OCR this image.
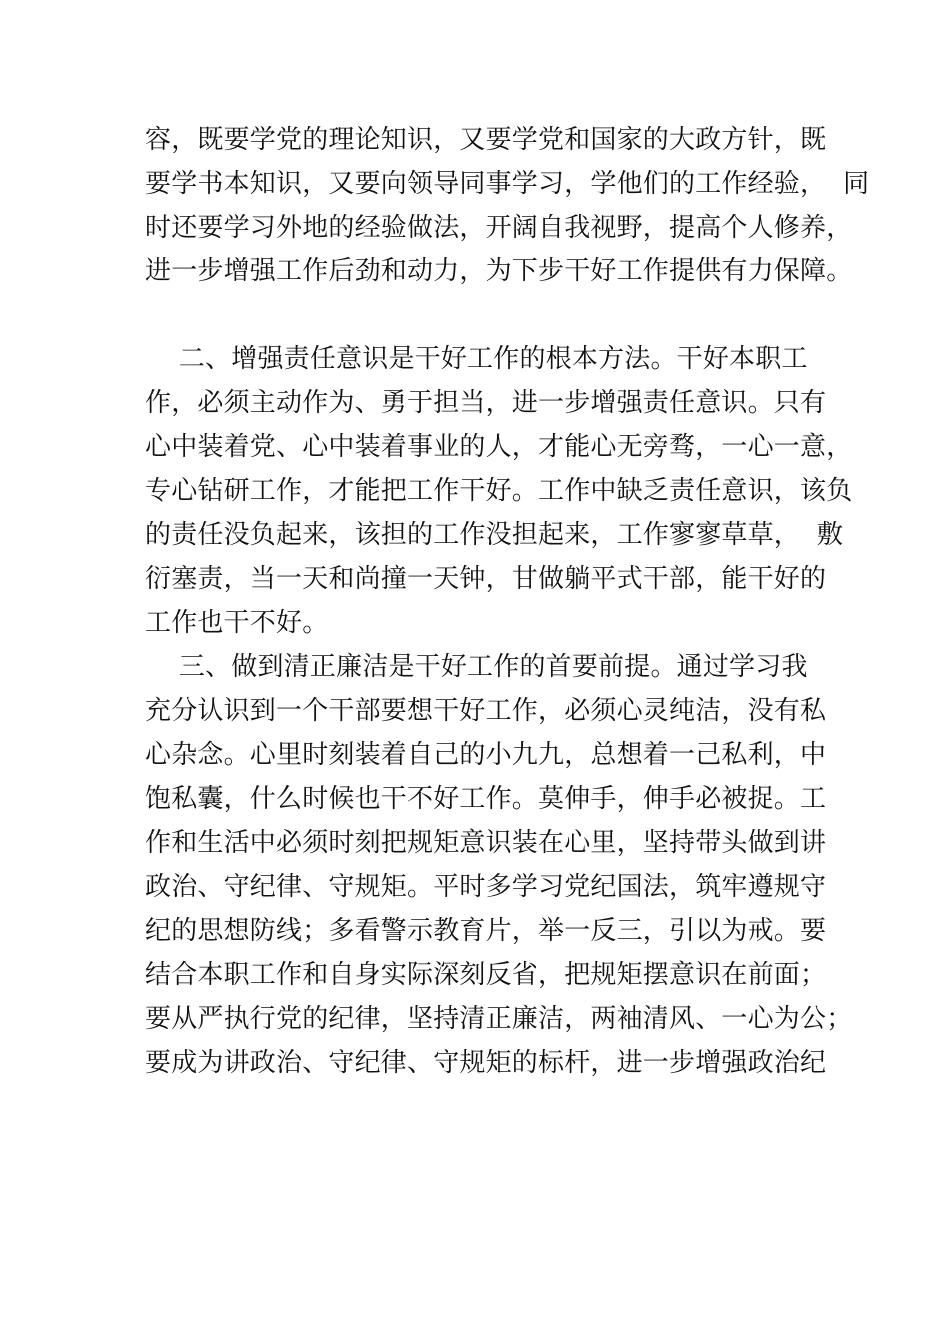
容，既要学党的理论知识，又要学党和国家的大政方针，既
要学书本知识，又要向领导同事学习，学他们的工作经验，  同
时还要学习外地的经验做法，开阔自我视野，提高个人修养，
进一步增强工作后劲和动力，为下步干好工作提供有力保障。
二、增强责任意识是干好工作的根本方法。干好本职工
作，必须主动作为、勇于担当，进一步增强责任意识。只有
心中装着党、心中装着事业的人，才能心无旁骛，一心一意，
专心钻研工作，才能把工作干好。工作中缺乏责任意识，该负
的责任没负起来，该担的工作没担起来，工作寥寥草草，  敷
衍塞责，当一天和尚撞一天钟，甘做躺平式干部，能干好的
工作也干不好。
三、做到清正廉洁是干好工作的首要前提。通过学习我
充分认识到一个干部要想干好工作，必须心灵纯洁，没有私
心杂念。心里时刻装着自己的小九九，总想着一己私利，中
饱私囊，什么时候也干不好工作。莫伸手，伸手必被捉。工
作和生活中必须时刻把规矩意识装在心里，坚持带头做到讲
政治、守纪律、守规矩。平时多学习党纪国法，筑牢遵规守
纪的思想防线；多看警示教育片，举一反三，引以为戒。要
结合本职工作和自身实际深刻反省，把规矩摆意识在前面；
要从严执行党的纪律，坚持清正廉洁，两袖清风、一心为公；
要成为讲政治、守纪律、守规矩的标杆，进一步增强政治纪
